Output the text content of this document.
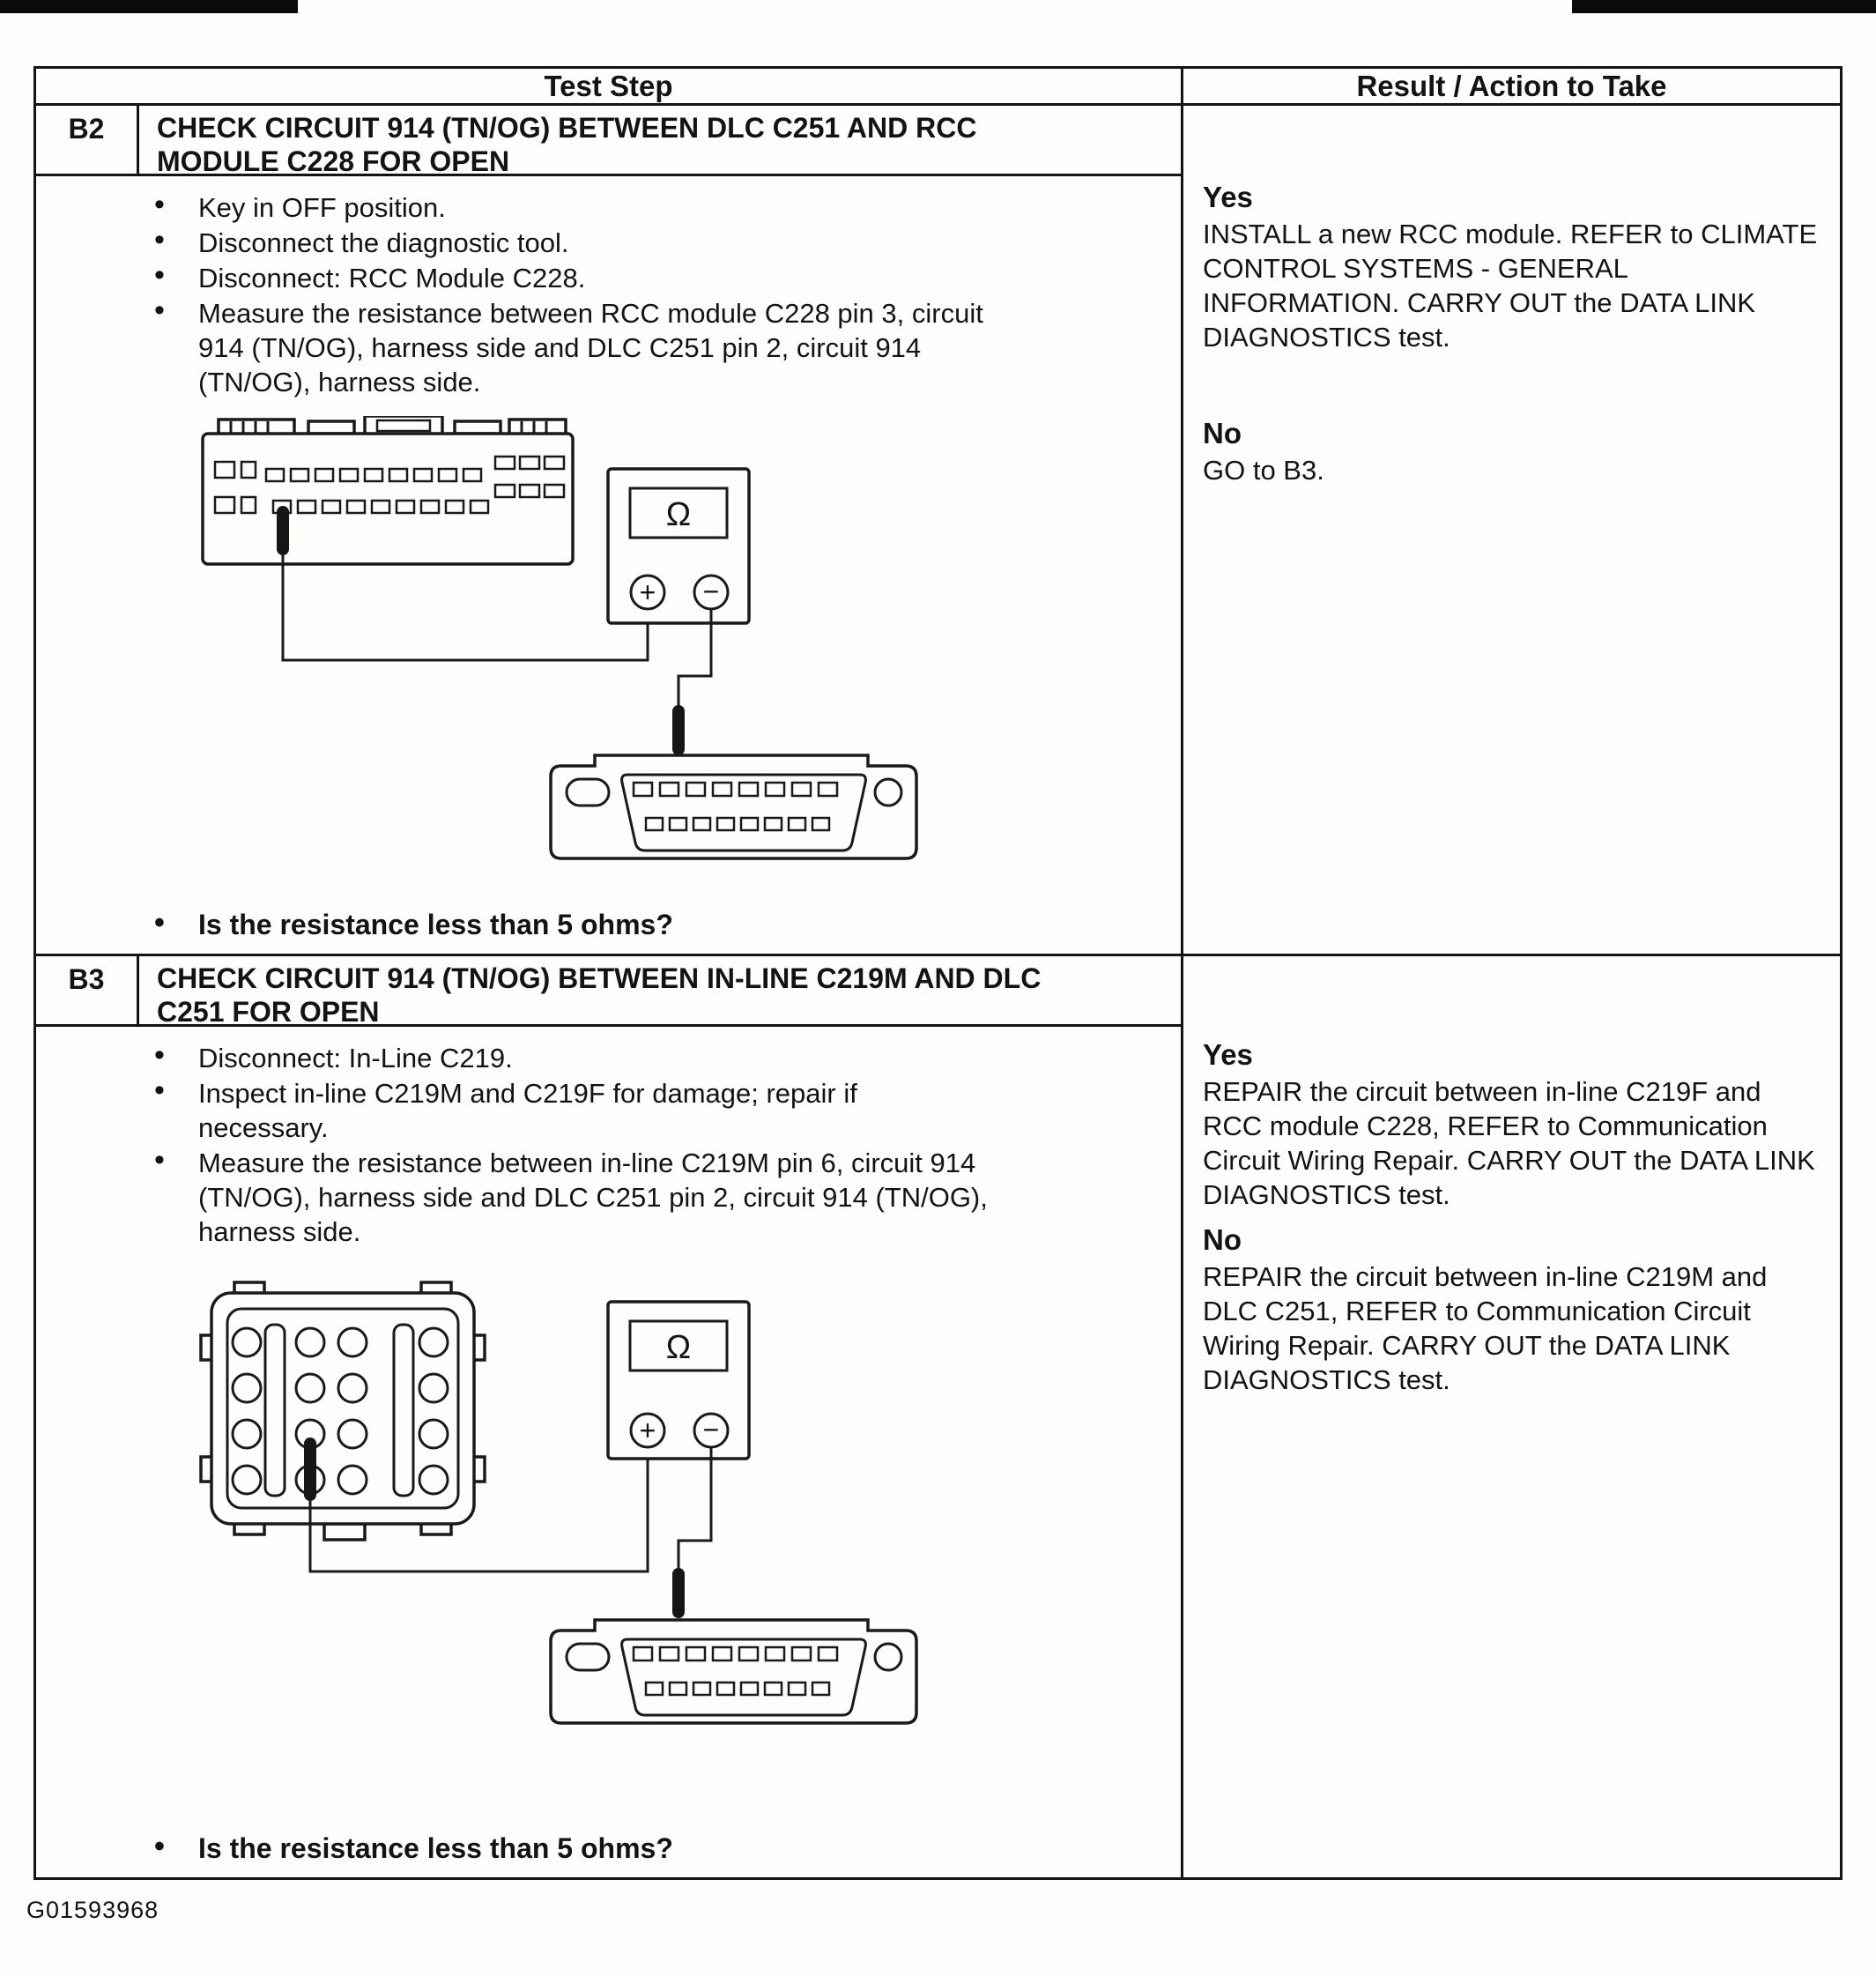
Test Step	Result / Action to Take
B2	CHECK CIRCUIT 914 (TN/OG) BETWEEN DLC C251 AND RCC MODULE C228 FOR OPEN
• Key in OFF position.
• Disconnect the diagnostic tool.
• Disconnect: RCC Module C228.
• Measure the resistance between RCC module C228 pin 3, circuit 914 (TN/OG), harness side and DLC C251 pin 2, circuit 914 (TN/OG), harness side.
Ω
+ −
• Is the resistance less than 5 ohms?
Yes
INSTALL a new RCC module. REFER to CLIMATE CONTROL SYSTEMS - GENERAL INFORMATION. CARRY OUT the DATA LINK DIAGNOSTICS test.
No
GO to B3.
B3	CHECK CIRCUIT 914 (TN/OG) BETWEEN IN-LINE C219M AND DLC C251 FOR OPEN
• Disconnect: In-Line C219.
• Inspect in-line C219M and C219F for damage; repair if necessary.
• Measure the resistance between in-line C219M pin 6, circuit 914 (TN/OG), harness side and DLC C251 pin 2, circuit 914 (TN/OG), harness side.
Ω
+ −
• Is the resistance less than 5 ohms?
Yes
REPAIR the circuit between in-line C219F and RCC module C228, REFER to Communication Circuit Wiring Repair. CARRY OUT the DATA LINK DIAGNOSTICS test.
No
REPAIR the circuit between in-line C219M and DLC C251, REFER to Communication Circuit Wiring Repair. CARRY OUT the DATA LINK DIAGNOSTICS test.
G01593968
